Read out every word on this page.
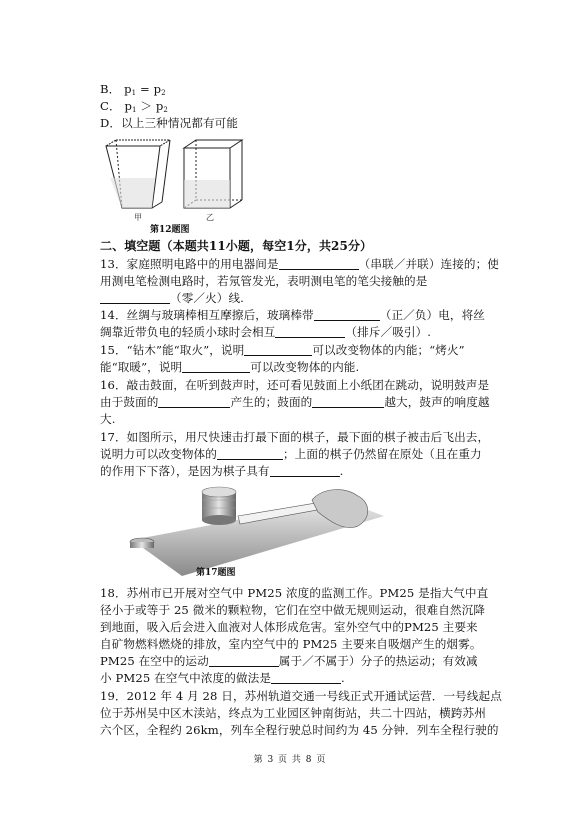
B． $p_1 = p_2$
C． $p_1 > p_2$
D．以上三种情况都有可能
甲	乙
第12题图
二、填空题（本题共11小题，每空1分，共25分）
13．家庭照明电路中的用电器间是	（串联／并联）连接的；使
用测电笔检测电路时，若氖管发光，表明测电笔的笔尖接触的是
（零／火）线.
14．丝绸与玻璃棒相互摩擦后，玻璃棒带	（正／负）电，将丝
绸靠近带负电的轻质小球时会相互	（排斥／吸引）.
15．“钻木”能“取火”，说明	可以改变物体的内能；“烤火”
能“取暖”，说明	可以改变物体的内能.
16．敲击鼓面，在听到鼓声时，还可看见鼓面上小纸团在跳动，说明鼓声是
由于鼓面的	产生的；鼓面的	越大，鼓声的响度越
大.
17．如图所示，用尺快速击打最下面的棋子，最下面的棋子被击后飞出去，
说明力可以改变物体的	；上面的棋子仍然留在原处（且在重力
的作用下下落），是因为棋子具有	.
第17题图
18．苏州市已开展对空气中 PM25 浓度的监测工作。PM25 是指大气中直
径小于或等于 25 微米的颗粒物，它们在空中做无规则运动，很难自然沉降
到地面，吸入后会进入血液对人体形成危害。室外空气中的PM25 主要来
自矿物燃料燃烧的排放，室内空气中的 PM25 主要来自吸烟产生的烟雾。
PM25 在空中的运动	属于／不属于）分子的热运动；有效减
小 PM25 在空气中浓度的做法是	.
19．2012 年 4 月 28 日，苏州轨道交通一号线正式开通试运营．一号线起点
位于苏州吴中区木渎站，终点为工业园区钟南街站，共二十四站，横跨苏州
六个区，全程约 26km，列车全程行驶总时间约为 45 分钟．列车全程行驶的
第 3 页 共 8 页
